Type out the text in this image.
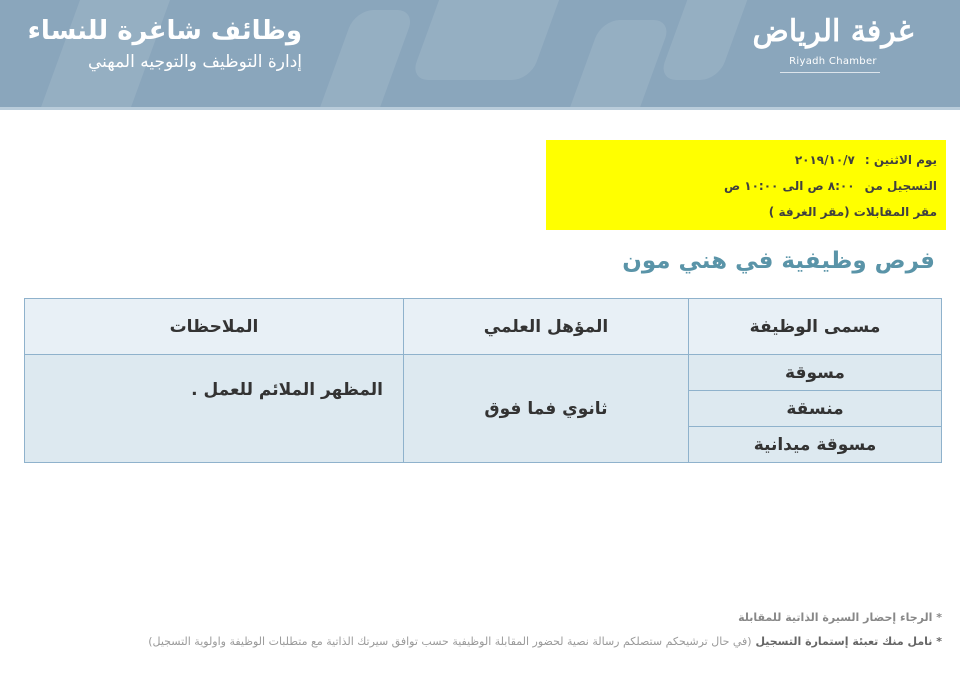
وظائف شاغرة للنساء
إدارة التوظيف والتوجيه المهني
غرفة الرياض
Riyadh Chamber
يوم الاثنين :٢٠١٩/١٠/٧
التسجيل من٨:٠٠ ص الى ١٠:٠٠ ص
مقر المقابلات (مقر الغرفة )
فرص وظيفية في هني مون
مسمى الوظيفة	المؤهل العلمي	الملاحظات
مسوقة	ثانوي فما فوق	المظهر الملائم للعمل .
منسقة		
مسوقة ميدانية		
* الرجاء إحضار السيرة الذاتية للمقابلة
* نامل منك تعبئة إستمارة التسجيل (في حال ترشيحكم ستصلكم رسالة نصية لحضور المقابلة الوظيفية حسب توافق سيرتك الذاتية مع متطلبات الوظيفة واولوية التسجيل)
